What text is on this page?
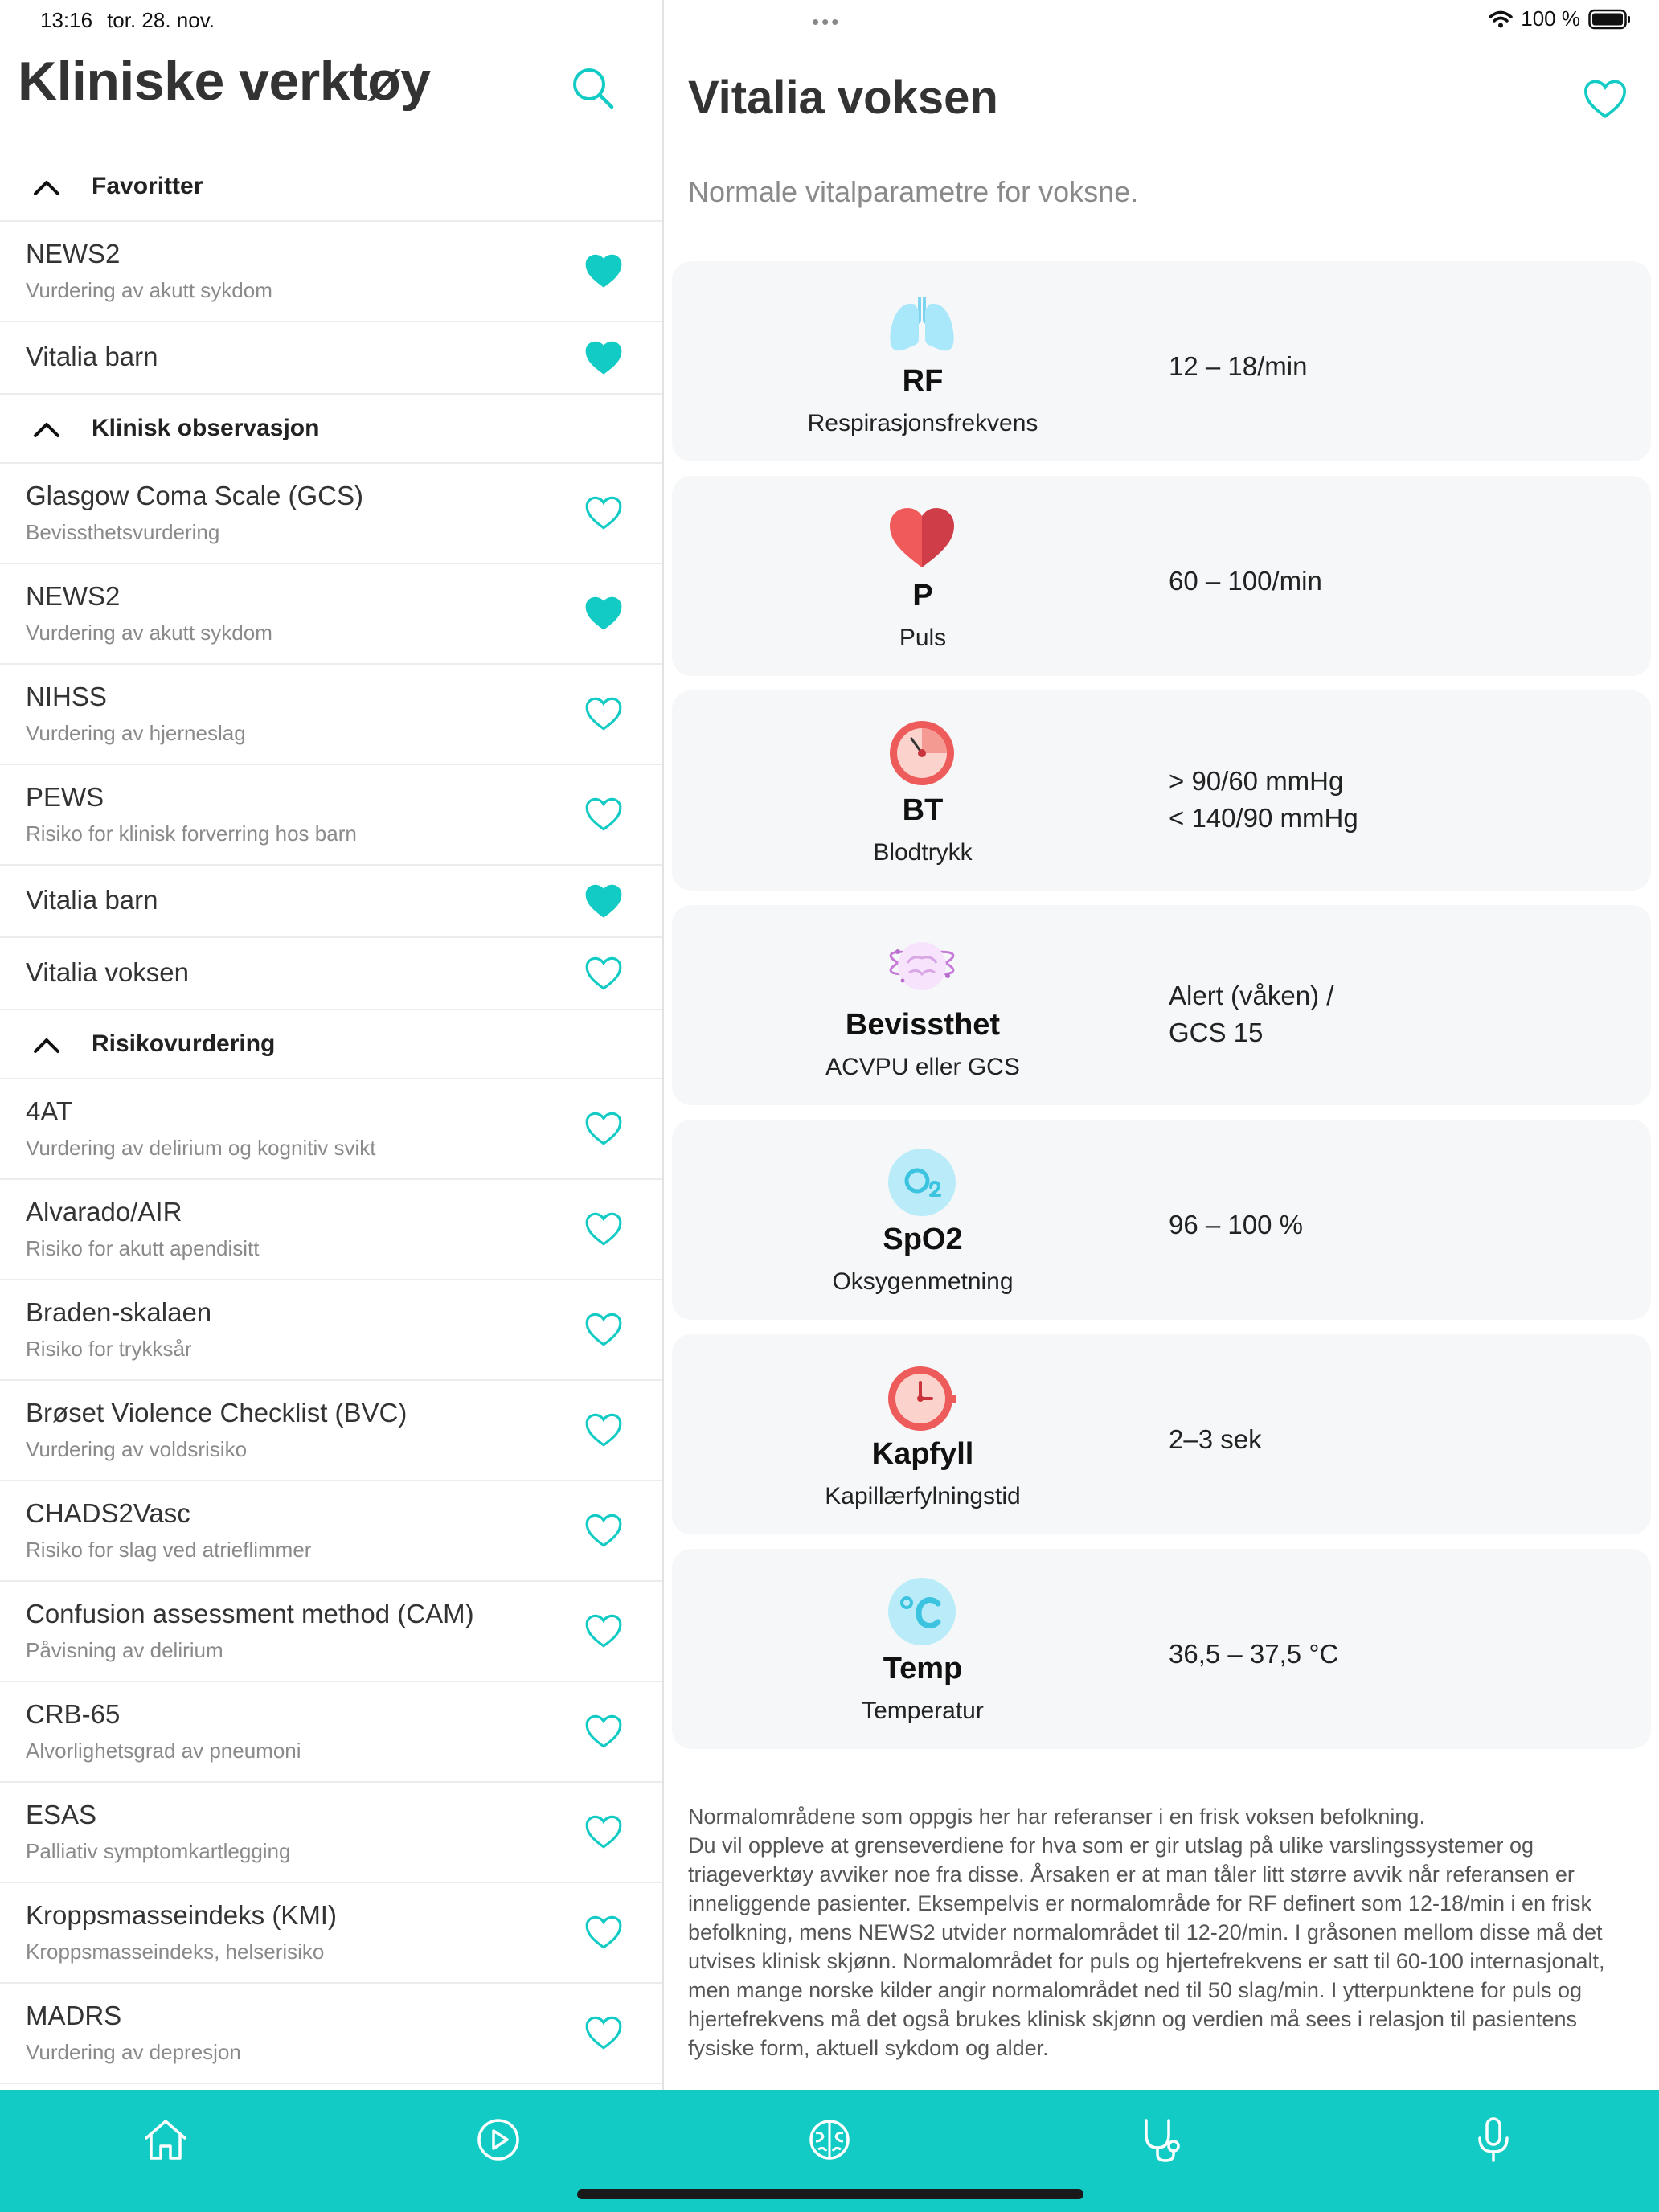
13:16 tor. 28. nov.	•••	100 %
Kliniske verktøy
Favoritter
NEWS2
Vurdering av akutt sykdom
Vitalia barn
Klinisk observasjon
Glasgow Coma Scale (GCS)
Bevissthetsvurdering
NEWS2
Vurdering av akutt sykdom
NIHSS
Vurdering av hjerneslag
PEWS
Risiko for klinisk forverring hos barn
Vitalia barn
Vitalia voksen
Risikovurdering
4AT
Vurdering av delirium og kognitiv svikt
Alvarado/AIR
Risiko for akutt apendisitt
Braden-skalaen
Risiko for trykksår
Brøset Violence Checklist (BVC)
Vurdering av voldsrisiko
CHADS2Vasc
Risiko for slag ved atrieflimmer
Confusion assessment method (CAM)
Påvisning av delirium
CRB-65
Alvorlighetsgrad av pneumoni
ESAS
Palliativ symptomkartlegging
Kroppsmasseindeks (KMI)
Kroppsmasseindeks, helserisiko
MADRS
Vurdering av depresjon
Vitalia voksen
Normale vitalparametre for voksne.
RF
Respirasjonsfrekvens
12 – 18/min
P
Puls
60 – 100/min
BT
Blodtrykk
> 90/60 mmHg
< 140/90 mmHg
Bevissthet
ACVPU eller GCS
Alert (våken) /
GCS 15
SpO2
Oksygenmetning
96 – 100 %
Kapfyll
Kapillærfylningstid
2–3 sek
Temp
Temperatur
36,5 – 37,5 °C

Normalområdene som oppgis her har referanser i en frisk voksen befolkning.

Du vil oppleve at grenseverdiene for hva som er gir utslag på ulike varslingssystemer og triageverktøy avviker noe fra disse. Årsaken er at man tåler litt større avvik når referansen er inneliggende pasienter. Eksempelvis er normalområde for RF definert som 12-18/min i en frisk befolkning, mens NEWS2 utvider normalområdet til 12-20/min. I gråsonen mellom disse må det utvises klinisk skjønn. Normalområdet for puls og hjertefrekvens er satt til 60-100 internasjonalt, men mange norske kilder angir normalområdet ned til 50 slag/min. I ytterpunktene for puls og hjertefrekvens må det også brukes klinisk skjønn og verdien må sees i relasjon til pasientens fysiske form, aktuell sykdom og alder.
